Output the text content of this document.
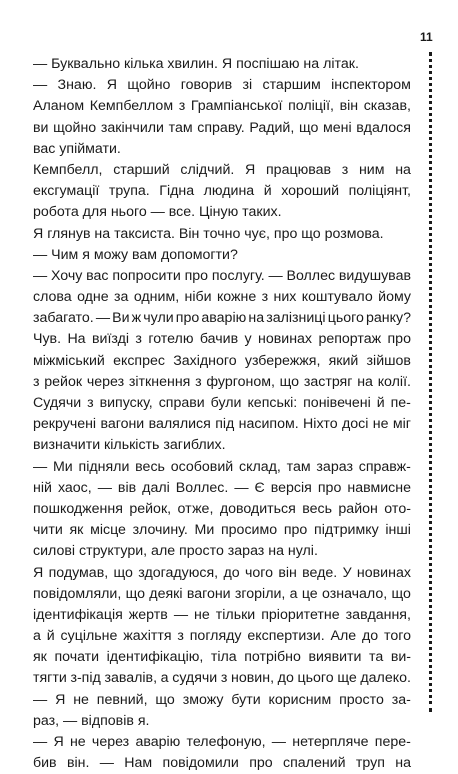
11
— Буквально кілька хвилин. Я поспішаю на літак.
— Знаю. Я щойно говорив зі старшим інспектором
Аланом Кемпбеллом з Грампіанської поліції, він сказав,
ви щойно закінчили там справу. Радий, що мені вдалося
вас упіймати.
Кемпбелл, старший слідчий. Я працював з ним на
ексгумації трупа. Гідна людина й хороший поліціянт,
робота для нього — все. Ціную таких.
Я глянув на таксиста. Він точно чує, про що розмова.
— Чим я можу вам допомогти?
— Хочу вас попросити про послугу. — Воллес видушував
слова одне за одним, ніби кожне з них коштувало йому
забагато. — Ви ж чули про аварію на залізниці цього ранку?
Чув. На виїзді з готелю бачив у новинах репортаж про
міжміський експрес Західного узбережжя, який зійшов
з рейок через зіткнення з фургоном, що застряг на колії.
Судячи з випуску, справи були кепські: понівечені й пе-
рекручені вагони валялися під насипом. Ніхто досі не міг
визначити кількість загиблих.
— Ми підняли весь особовий склад, там зараз справж-
ній хаос, — вів далі Воллес. — Є версія про навмисне
пошкодження рейок, отже, доводиться весь район отo-
чити як місце злочину. Ми просимо про підтримку інші
силові структури, але просто зараз на нулі.
Я подумав, що здогадуюся, до чого він веде. У новинах
повідомляли, що деякі вагони згоріли, а це означало, що
ідентифікація жертв — не тільки пріоритетне завдання,
а й суцільне жахіття з погляду експертизи. Але до того
як почати ідентифікацію, тіла потрібно виявити та ви-
тягти з-під завалів, а судячи з новин, до цього ще далеко.
— Я не певний, що зможу бути корисним просто за-
раз, — відповів я.
— Я не через аварію телефоную, — нетерпляче пере-
бив він. — Нам повідомили про спалений труп на
